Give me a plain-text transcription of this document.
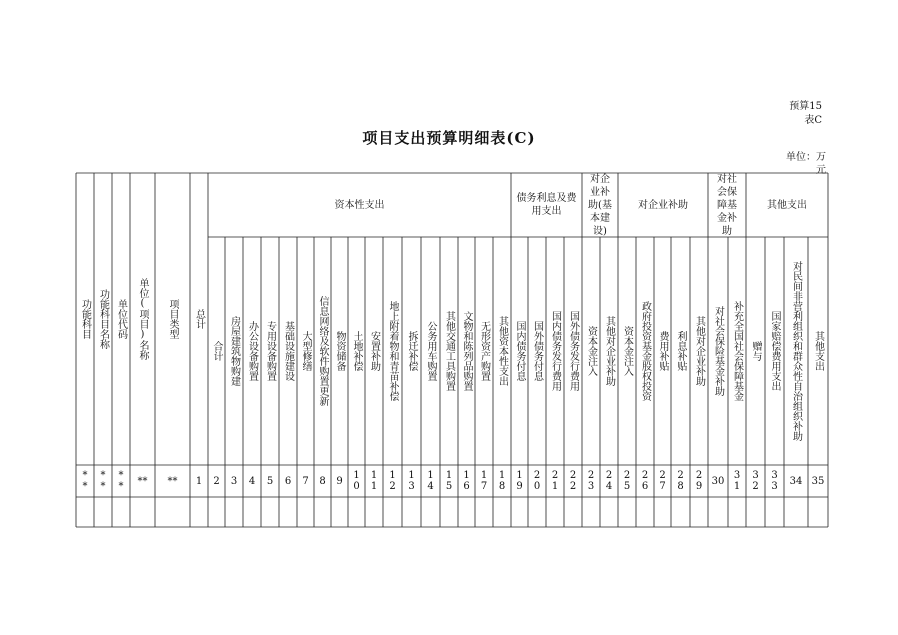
预算15
表C
项目支出预算明细表(C)
单位：万
元
功能科目 功能科目名称 单位代码 单位(项目)名称 项目类型 总计
资本性支出
债务利息及费用支出
对企业补助(基本建设)
对企业补助
对社会保障基金补助
其他支出
合计 房屋建筑物购建 办公设备购置 专用设备购置 基础设施建设 大型修缮 信息网络及软件购置更新 物资储备 土地补偿 安置补助 地上附着物和青苗补偿 拆迁补偿 公务用车购置 其他交通工具购置 文物和陈列品购置 无形资产购置 其他资本性支出 国内债务付息 国外债务付息 国内债务发行费用 国外债务发行费用 资本金注入 其他对企业补助 资本金注入 政府投资基金股权投资 费用补贴 利息补贴 其他对企业补助 对社会保险基金补助 补充全国社会保障基金 赠与 国家赔偿费用支出 对民间非营利组织和群众性自治组织补助 其他支出
** ** ** ** ** 1 2 3 4 5 6 7 8 9 10 11 12 13 14 15 16 17 18 19 20 21 22 23 24 25 26 27 28 29 30 31 32 33 34 35
